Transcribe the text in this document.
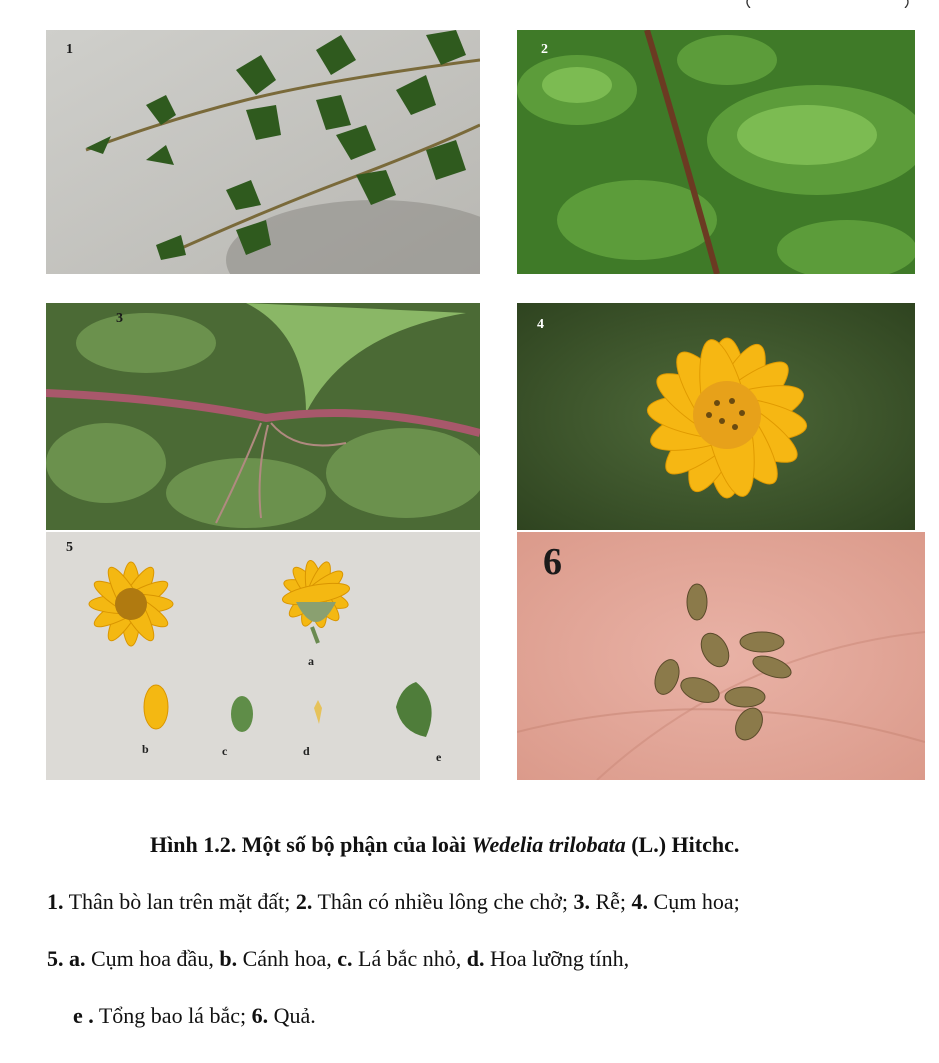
1	2
3	4
5
a
b	c	d	e
6
Hình 1.2. Một số bộ phận của loài Wedelia trilobata (L.) Hitchc.
1. Thân bò lan trên mặt đất; 2. Thân có nhiều lông che chở; 3. Rễ; 4. Cụm hoa;
5. a. Cụm hoa đầu, b. Cánh hoa, c. Lá bắc nhỏ, d. Hoa lưỡng tính,
e . Tổng bao lá bắc; 6. Quả.
